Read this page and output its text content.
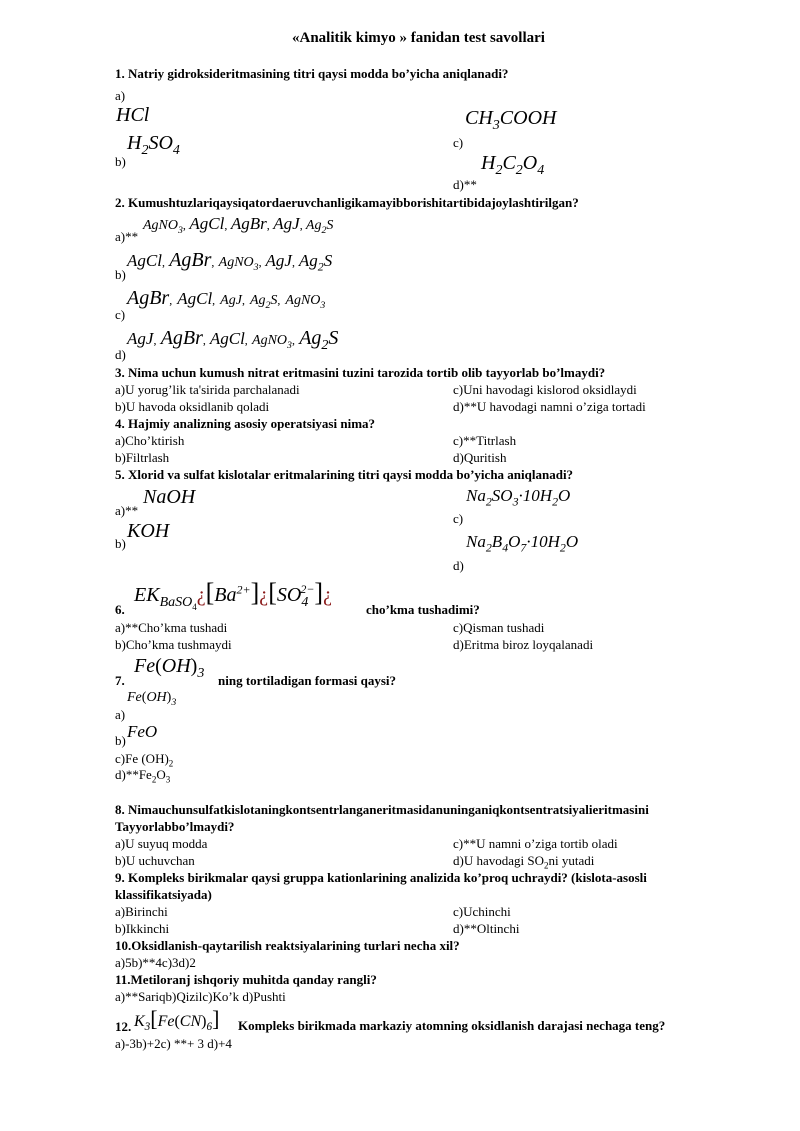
«Analitik kimyo » fanidan test savollari
1. Natriy gidroksideritmasining titri qaysi modda bo’yicha aniqlanadi?
a)
HCl
$H_2SO_4$
b)
$CH_3COOH$
c)
$H_2C_2O_4$
d)**
2. Kumushtuzlariqaysiqatordaeruvchanligikamayibborishitartibidajoylashtirilgan?
a)**
AgNO$_3$, AgCl, AgBr, AgJ, $Ag_2S$
b)
AgCl, AgBr, AgNO$_3$, AgJ, $Ag_2S$
c)
AgBr, AgCl, AgJ, $Ag_2S$, AgNO$_3$
d)
AgJ, AgBr, AgCl, AgNO$_3$, $Ag_2S$
3. Nima uchun kumush nitrat eritmasini tuzini tarozida tortib olib tayyorlab bo’lmaydi?
a)U yorug’lik ta'sirida parchalanadi
b)U havoda oksidlanib qoladi
c)Uni havodagi kislorod oksidlaydi
d)**U havodagi namni o’ziga tortadi
4. Hajmiy analizning asosiy operatsiyasi nima?
a)Cho’ktirish
b)Filtrlash
c)**Titrlash
d)Quritish
5. Xlorid va sulfat kislotalar eritmalarining titri qaysi modda bo’yicha aniqlanadi?
a)**
NaOH
b)
KOH
$Na_2SO_3\cdot 10H_2O$
c)
$Na_2B_4O_7\cdot 10H_2O$
d)
6.
$EK_{BaSO_4}¿[Ba^{2+}]¿[SO_4^{2-}]¿$
cho’kma tushadimi?
a)**Cho’kma tushadi
b)Cho’kma tushmaydi
c)Qisman tushadi
d)Eritma biroz loyqalanadi
7.
$Fe(OH)_3$ ning tortiladigan formasi qaysi?
$Fe(OH)_3$
a)
b) FeO
c)Fe $(OH)_2$
$d)**Fe_2O_3$
8. Nimauchunsulfatkislotaningkontsentrlanganeritmasidanuninganiqkontsentratsiyalieritmasini
Tayyorlabbo’lmaydi?
a)U suyuq modda
b)U uchuvchan
c)**U namni o’ziga tortib oladi
d)U havodagi $SO_2ni$ yutadi
9. Kompleks birikmalar qaysi gruppa kationlarining analizida ko’proq uchraydi? (kislota-asosli
klassifikatsiyada)
a)Birinchi
b)Ikkinchi
c)Uchinchi
d)**Oltinchi
10.Oksidlanish-qaytarilish reaktsiyalarining turlari necha xil?
a)5b)**4c)3d)2
11.Metiloranj ishqoriy muhitda qanday rangli?
a)**Sariqb)Qizilc)Ko’k d)Pushti
12. $K_3[Fe(CN)_6]$ Kompleks birikmada markaziy atomning oksidlanish darajasi nechaga teng?
a)-3b)+2c) **+ 3 d)+4
